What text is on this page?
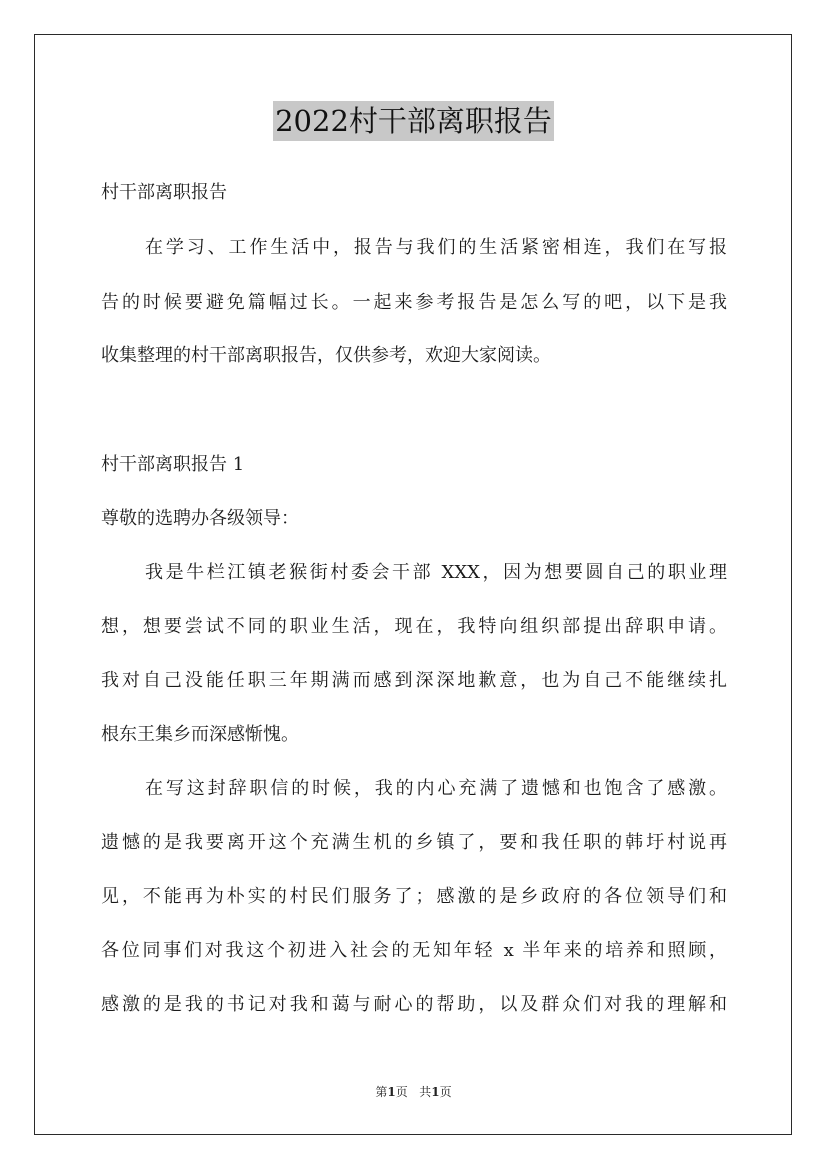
2022村干部离职报告
村干部离职报告
在学习、工作生活中，报告与我们的生活紧密相连，我们在写报
告的时候要避免篇幅过长。一起来参考报告是怎么写的吧，以下是我
收集整理的村干部离职报告，仅供参考，欢迎大家阅读。
村干部离职报告 1
尊敬的选聘办各级领导：
我是牛栏江镇老猴街村委会干部 XXX，因为想要圆自己的职业理
想，想要尝试不同的职业生活，现在，我特向组织部提出辞职申请。
我对自己没能任职三年期满而感到深深地歉意，也为自己不能继续扎
根东王集乡而深感惭愧。
在写这封辞职信的时候，我的内心充满了遗憾和也饱含了感激。
遗憾的是我要离开这个充满生机的乡镇了，要和我任职的韩圩村说再
见，不能再为朴实的村民们服务了；感激的是乡政府的各位领导们和
各位同事们对我这个初进入社会的无知年轻 x 半年来的培养和照顾，
感激的是我的书记对我和蔼与耐心的帮助，以及群众们对我的理解和
第1页 共1页
